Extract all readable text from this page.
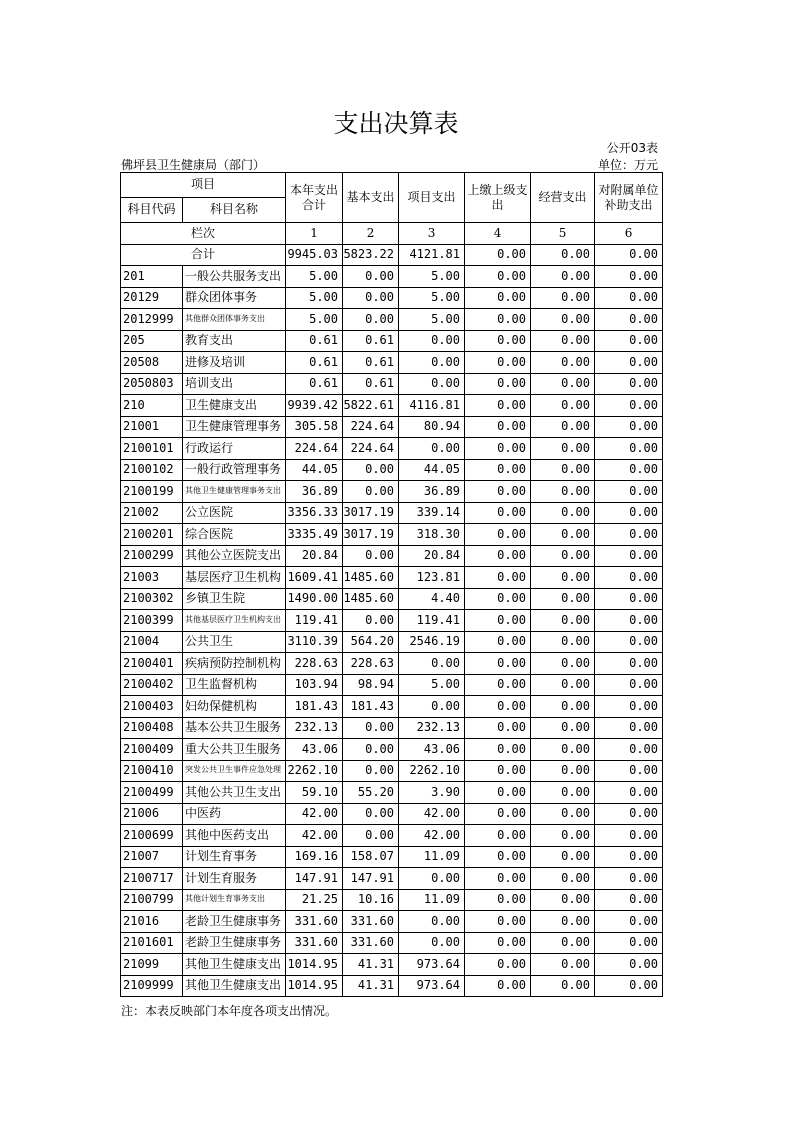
支出决算表
公开03表
佛坪县卫生健康局（部门）	单位：万元
项目		本年支出合计	基本支出	项目支出	上缴上级支出	经营支出	对附属单位补助支出
科目代码	科目名称						
栏次		1	2	3	4	5	6
合计		9945.03	5823.22	4121.81	0.00	0.00	0.00
201	一般公共服务支出	5.00	0.00	5.00	0.00	0.00	0.00
20129	群众团体事务	5.00	0.00	5.00	0.00	0.00	0.00
2012999	其他群众团体事务支出	5.00	0.00	5.00	0.00	0.00	0.00
205	教育支出	0.61	0.61	0.00	0.00	0.00	0.00
20508	进修及培训	0.61	0.61	0.00	0.00	0.00	0.00
2050803	培训支出	0.61	0.61	0.00	0.00	0.00	0.00
210	卫生健康支出	9939.42	5822.61	4116.81	0.00	0.00	0.00
21001	卫生健康管理事务	305.58	224.64	80.94	0.00	0.00	0.00
2100101	行政运行	224.64	224.64	0.00	0.00	0.00	0.00
2100102	一般行政管理事务	44.05	0.00	44.05	0.00	0.00	0.00
2100199	其他卫生健康管理事务支出	36.89	0.00	36.89	0.00	0.00	0.00
21002	公立医院	3356.33	3017.19	339.14	0.00	0.00	0.00
2100201	综合医院	3335.49	3017.19	318.30	0.00	0.00	0.00
2100299	其他公立医院支出	20.84	0.00	20.84	0.00	0.00	0.00
21003	基层医疗卫生机构	1609.41	1485.60	123.81	0.00	0.00	0.00
2100302	乡镇卫生院	1490.00	1485.60	4.40	0.00	0.00	0.00
2100399	其他基层医疗卫生机构支出	119.41	0.00	119.41	0.00	0.00	0.00
21004	公共卫生	3110.39	564.20	2546.19	0.00	0.00	0.00
2100401	疾病预防控制机构	228.63	228.63	0.00	0.00	0.00	0.00
2100402	卫生监督机构	103.94	98.94	5.00	0.00	0.00	0.00
2100403	妇幼保健机构	181.43	181.43	0.00	0.00	0.00	0.00
2100408	基本公共卫生服务	232.13	0.00	232.13	0.00	0.00	0.00
2100409	重大公共卫生服务	43.06	0.00	43.06	0.00	0.00	0.00
2100410	突发公共卫生事件应急处理	2262.10	0.00	2262.10	0.00	0.00	0.00
2100499	其他公共卫生支出	59.10	55.20	3.90	0.00	0.00	0.00
21006	中医药	42.00	0.00	42.00	0.00	0.00	0.00
2100699	其他中医药支出	42.00	0.00	42.00	0.00	0.00	0.00
21007	计划生育事务	169.16	158.07	11.09	0.00	0.00	0.00
2100717	计划生育服务	147.91	147.91	0.00	0.00	0.00	0.00
2100799	其他计划生育事务支出	21.25	10.16	11.09	0.00	0.00	0.00
21016	老龄卫生健康事务	331.60	331.60	0.00	0.00	0.00	0.00
2101601	老龄卫生健康事务	331.60	331.60	0.00	0.00	0.00	0.00
21099	其他卫生健康支出	1014.95	41.31	973.64	0.00	0.00	0.00
2109999	其他卫生健康支出	1014.95	41.31	973.64	0.00	0.00	0.00
注：本表反映部门本年度各项支出情况。
